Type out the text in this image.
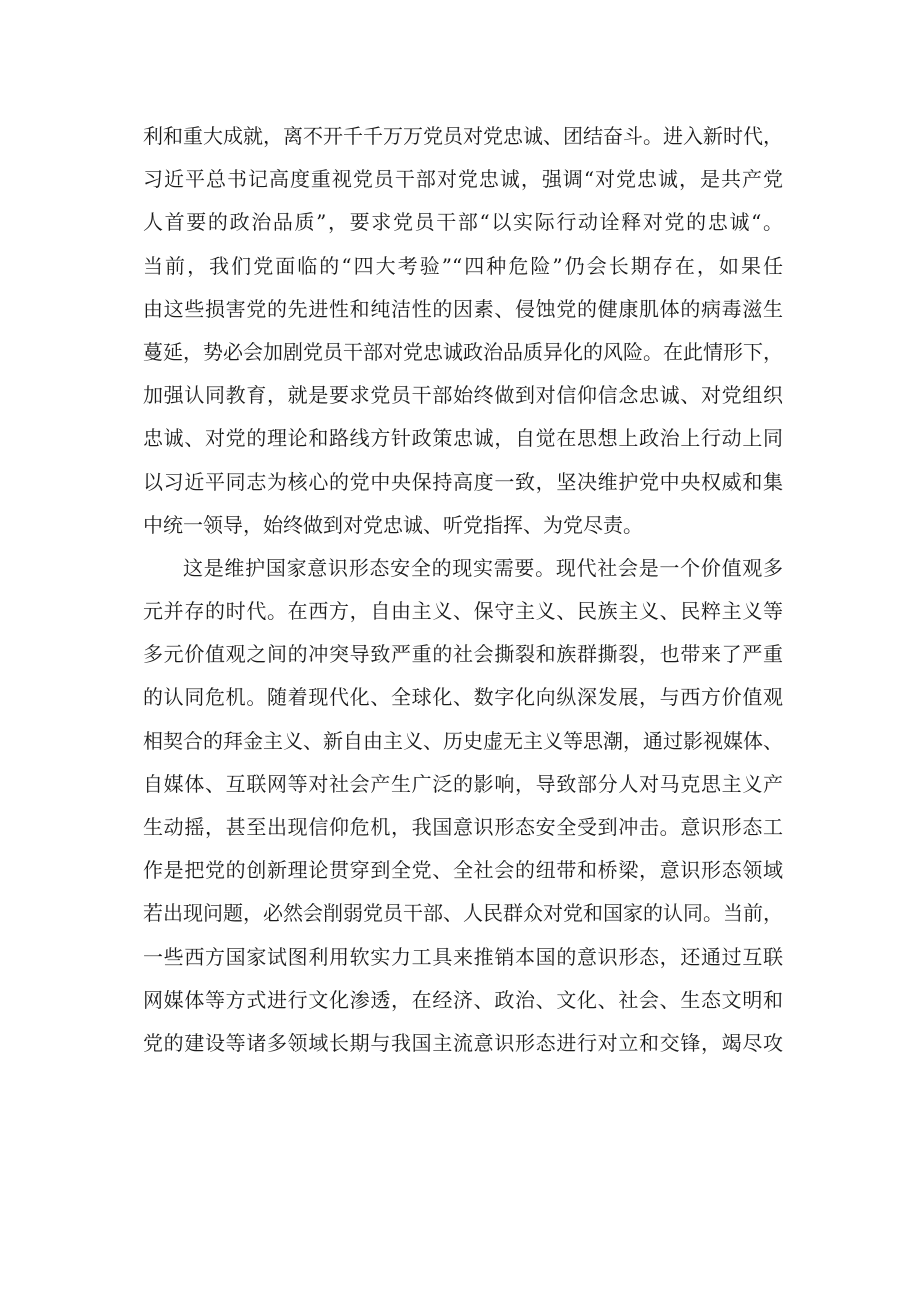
利和重大成就，离不开千千万万党员对党忠诚、团结奋斗。进入新时代，
习近平总书记高度重视党员干部对党忠诚，强调“对党忠诚，是共产党
人首要的政治品质”，要求党员干部“以实际行动诠释对党的忠诚“。
当前，我们党面临的“四大考验”“四种危险”仍会长期存在，如果任
由这些损害党的先进性和纯洁性的因素、侵蚀党的健康肌体的病毒滋生
蔓延，势必会加剧党员干部对党忠诚政治品质异化的风险。在此情形下，
加强认同教育，就是要求党员干部始终做到对信仰信念忠诚、对党组织
忠诚、对党的理论和路线方针政策忠诚，自觉在思想上政治上行动上同
以习近平同志为核心的党中央保持高度一致，坚决维护党中央权威和集
中统一领导，始终做到对党忠诚、听党指挥、为党尽责。
这是维护国家意识形态安全的现实需要。现代社会是一个价值观多
元并存的时代。在西方，自由主义、保守主义、民族主义、民粹主义等
多元价值观之间的冲突导致严重的社会撕裂和族群撕裂，也带来了严重
的认同危机。随着现代化、全球化、数字化向纵深发展，与西方价值观
相契合的拜金主义、新自由主义、历史虚无主义等思潮，通过影视媒体、
自媒体、互联网等对社会产生广泛的影响，导致部分人对马克思主义产
生动摇，甚至出现信仰危机，我国意识形态安全受到冲击。意识形态工
作是把党的创新理论贯穿到全党、全社会的纽带和桥梁，意识形态领域
若出现问题，必然会削弱党员干部、人民群众对党和国家的认同。当前，
一些西方国家试图利用软实力工具来推销本国的意识形态，还通过互联
网媒体等方式进行文化渗透，在经济、政治、文化、社会、生态文明和
党的建设等诸多领域长期与我国主流意识形态进行对立和交锋，竭尽攻
